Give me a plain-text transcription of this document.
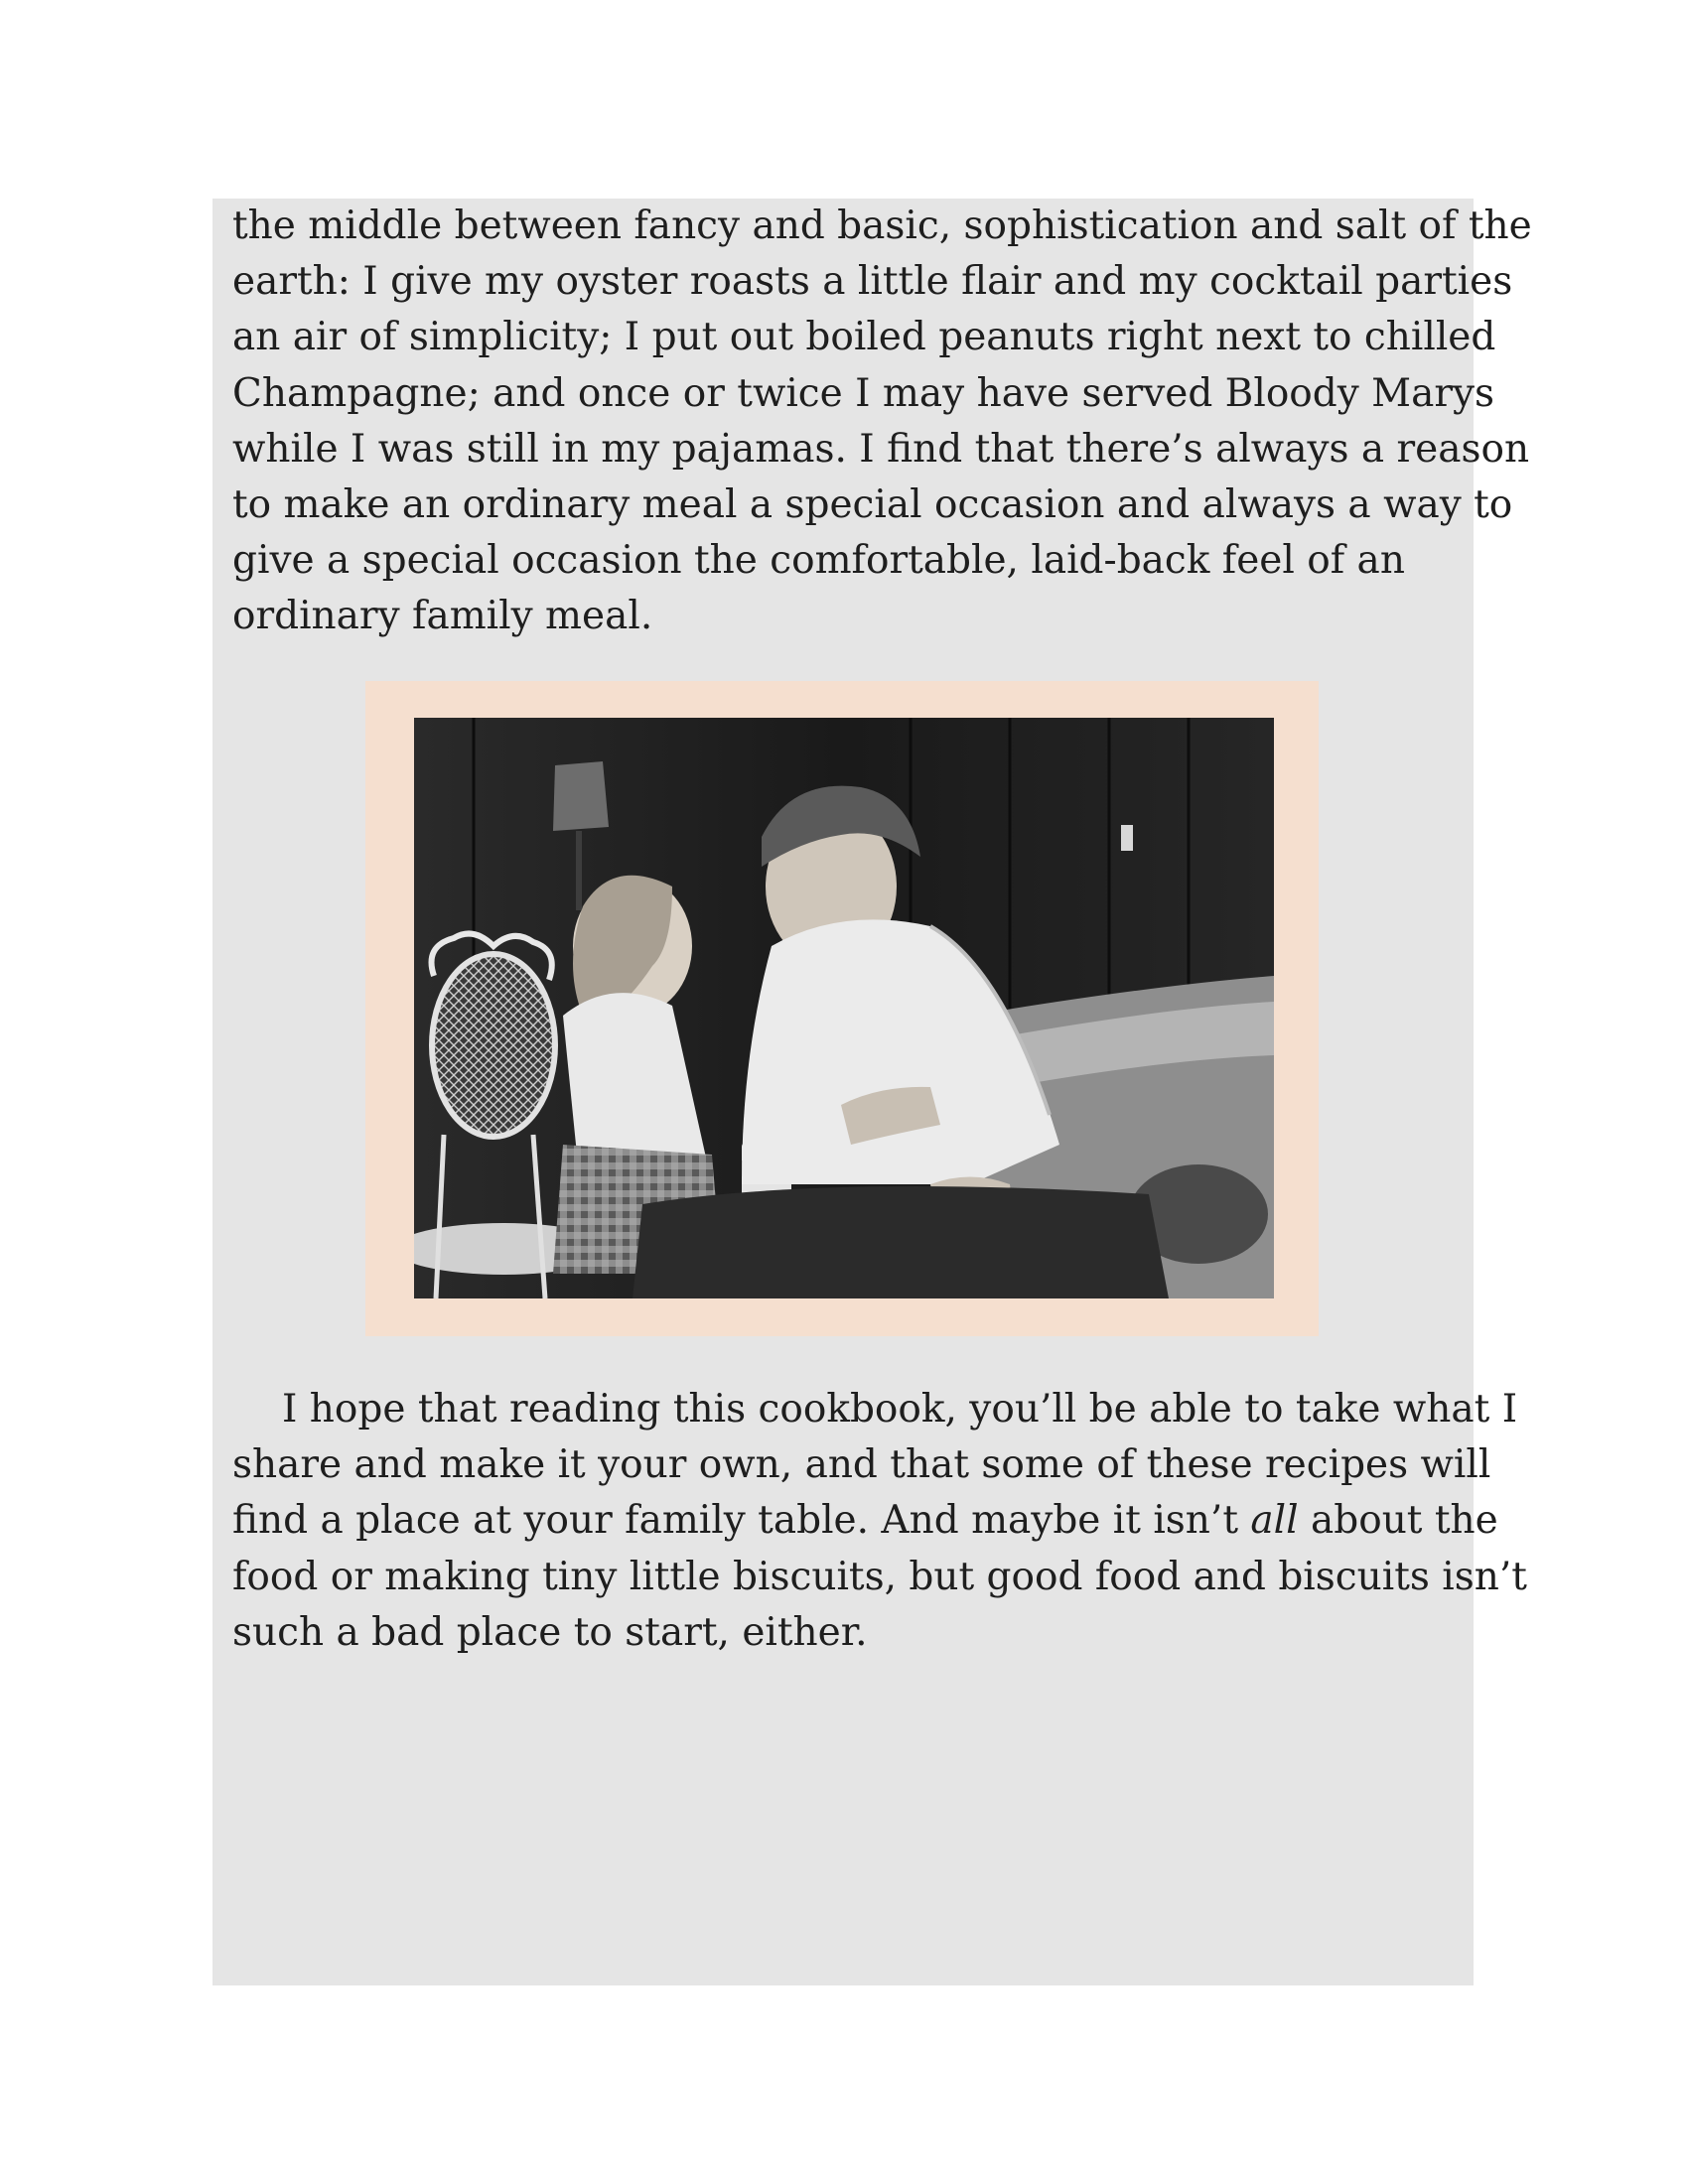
the middle between fancy and basic, sophistication and salt of the
earth: I give my oyster roasts a little flair and my cocktail parties
an air of simplicity; I put out boiled peanuts right next to chilled
Champagne; and once or twice I may have served Bloody Marys
while I was still in my pajamas. I find that there’s always a reason
to make an ordinary meal a special occasion and always a way to
give a special occasion the comfortable, laid-back feel of an
ordinary family meal.

I hope that reading this cookbook, you’ll be able to take what I
share and make it your own, and that some of these recipes will
find a place at your family table. And maybe it isn’t all about the
food or making tiny little biscuits, but good food and biscuits isn’t
such a bad place to start, either.
